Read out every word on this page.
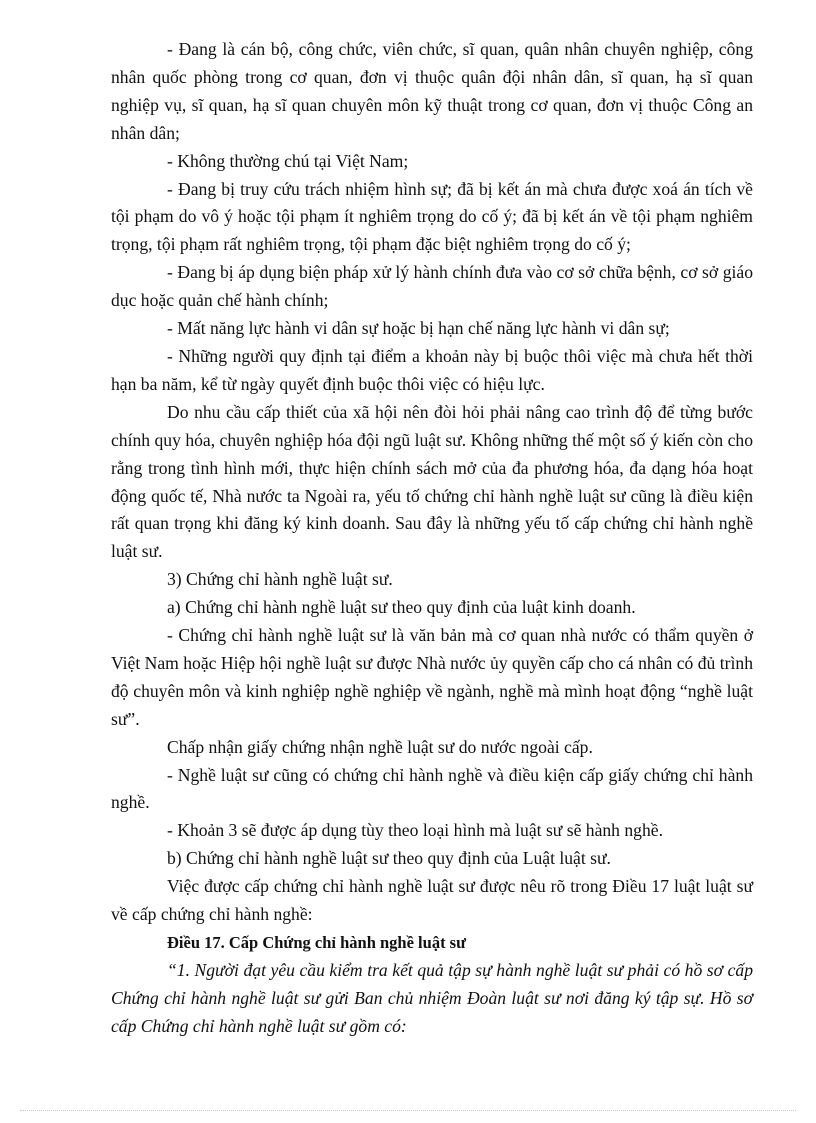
- Đang là cán bộ, công chức, viên chức, sĩ quan, quân nhân chuyên nghiệp, công nhân quốc phòng trong cơ quan, đơn vị thuộc quân đội nhân dân, sĩ quan, hạ sĩ quan nghiệp vụ, sĩ quan, hạ sĩ quan chuyên môn kỹ thuật trong cơ quan, đơn vị thuộc Công an nhân dân;

- Không thường chú tại Việt Nam;

- Đang bị truy cứu trách nhiệm hình sự; đã bị kết án mà chưa được xoá án tích về tội phạm do vô ý hoặc tội phạm ít nghiêm trọng do cố ý; đã bị kết án về tội phạm nghiêm trọng, tội phạm rất nghiêm trọng, tội phạm đặc biệt nghiêm trọng do cố ý;

- Đang bị áp dụng biện pháp xử lý hành chính đưa vào cơ sở chữa bệnh, cơ sở giáo dục hoặc quản chế hành chính;

- Mất năng lực hành vi dân sự hoặc bị hạn chế năng lực hành vi dân sự;

- Những người quy định tại điểm a khoản này bị buộc thôi việc mà chưa hết thời hạn ba năm, kể từ ngày quyết định buộc thôi việc có hiệu lực.

Do nhu cầu cấp thiết của xã hội nên đòi hỏi phải nâng cao trình độ để từng bước chính quy hóa, chuyên nghiệp hóa đội ngũ luật sư. Không những thế một số ý kiến còn cho rằng trong tình hình mới, thực hiện chính sách mở của đa phương hóa, đa dạng hóa hoạt động quốc tế, Nhà nước ta Ngoài ra, yếu tố chứng chỉ hành nghề luật sư cũng là điều kiện rất quan trọng khi đăng ký kinh doanh. Sau đây là những yếu tố cấp chứng chỉ hành nghề luật sư.

3) Chứng chỉ hành nghề luật sư.

a) Chứng chỉ hành nghề luật sư theo quy định của luật kinh doanh.

- Chứng chỉ hành nghề luật sư là văn bản mà cơ quan nhà nước có thẩm quyền ở Việt Nam hoặc Hiệp hội nghề luật sư được Nhà nước ủy quyền cấp cho cá nhân có đủ trình độ chuyên môn và kinh nghiệp nghề nghiệp về ngành, nghề mà mình hoạt động “nghề luật sư”.

Chấp nhận giấy chứng nhận nghề luật sư do nước ngoài cấp.

- Nghề luật sư cũng có chứng chỉ hành nghề và điều kiện cấp giấy chứng chỉ hành nghề.

- Khoản 3 sẽ được áp dụng tùy theo loại hình mà luật sư sẽ hành nghề.

b) Chứng chỉ hành nghề luật sư theo quy định của Luật luật sư.

Việc được cấp chứng chỉ hành nghề luật sư được nêu rõ trong Điều 17 luật luật sư về cấp chứng chỉ hành nghề:

Điều 17. Cấp Chứng chỉ hành nghề luật sư

“1. Người đạt yêu cầu kiểm tra kết quả tập sự hành nghề luật sư phải có hồ sơ cấp Chứng chỉ hành nghề luật sư gửi Ban chủ nhiệm Đoàn luật sư nơi đăng ký tập sự. Hồ sơ cấp Chứng chỉ hành nghề luật sư gồm có:
